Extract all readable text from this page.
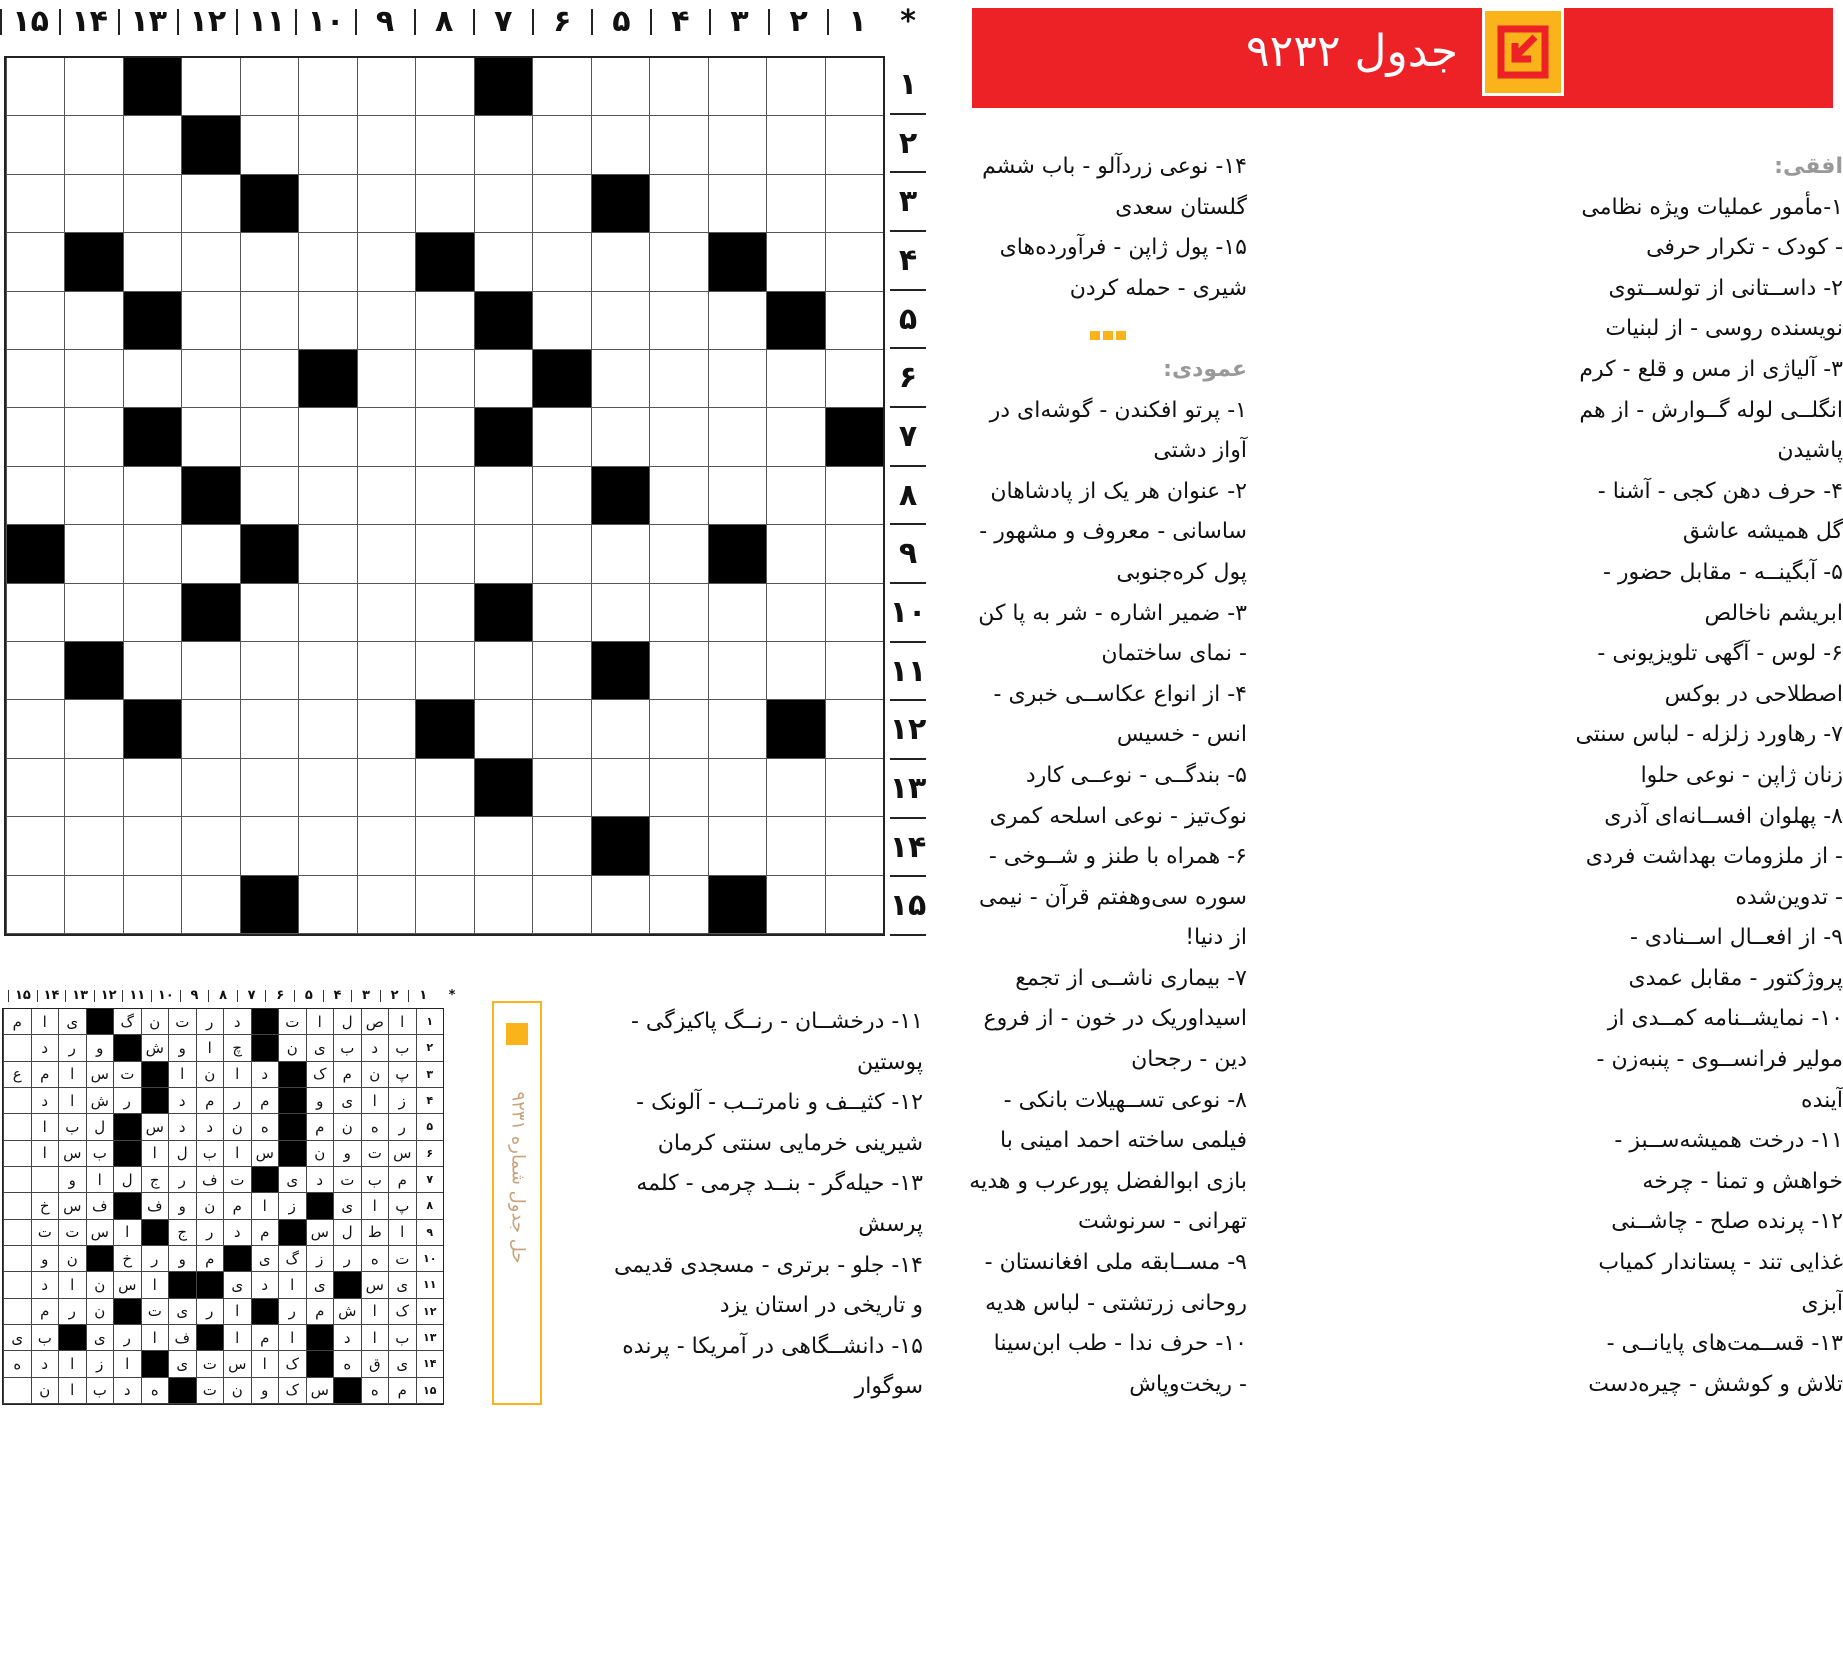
*
۱
۲
۳
۴
۵
۶
۷
۸
۹
۱۰
۱۱
۱۲
۱۳
۱۴
۱۵
۱
۲
۳
۴
۵
۶
۷
۸
۹
۱۰
۱۱
۱۲
۱۳
۱۴
۱۵
جدول ۹۲۳۲
افقی:
۱-مأمور عملیات ویژه نظامی
- کودک - تکرار حرفی
۲- داســتانی از تولســتوی
نویسنده روسی - از لبنیات
۳- آلیاژی از مس و قلع - کرم
انگلــی لوله گــوارش - از هم
پاشیدن
۴- حرف دهن کجی - آشنا -
گل همیشه عاشق
۵- آبگینــه - مقابل حضور -
ابریشم ناخالص
۶- لوس - آگهی تلویزیونی -
اصطلاحی در بوکس
۷- رهاورد زلزله - لباس سنتی
زنان ژاپن - نوعی حلوا
۸- پهلوان افســانه‌ای آذری
- از ملزومات بهداشت فردی
- تدوین‌شده
۹- از افعــال اســنادی -
پروژکتور - مقابل عمدی
۱۰- نمایشــنامه کمــدی از
مولیر فرانســوی - پنبه‌زن -
آینده
۱۱- درخت همیشه‌ســبز -
خواهش و تمنا - چرخه
۱۲- پرنده صلح - چاشــنی
غذایی تند - پستاندار کمیاب
آبزی
۱۳- قســمت‌های پایانــی -
تلاش و کوشش - چیره‌دست
۱۴- نوعی زردآلو - باب ششم
گلستان سعدی
۱۵- پول ژاپن - فرآورده‌های
شیری - حمله کردن

عمودی:
۱- پرتو افکندن - گوشه‌ای در
آواز دشتی
۲- عنوان هر یک از پادشاهان
ساسانی - معروف و مشهور -
پول کره‌جنوبی
۳- ضمیر اشاره - شر به پا کن
- نمای ساختمان
۴- از انواع عکاســی خبری -
انس - خسیس
۵- بندگــی - نوعــی کارد
نوک‌تیز - نوعی اسلحه کمری
۶- همراه با طنز و شــوخی -
سوره سی‌وهفتم قرآن - نیمی
از دنیا!
۷- بیماری ناشــی از تجمع
اسیداوریک در خون - از فروع
دین - رجحان
۸- نوعی تســهیلات بانکی -
فیلمی ساخته احمد امینی با
بازی ابوالفضل پورعرب و هدیه
تهرانی - سرنوشت
۹- مســابقه ملی افغانستان -
روحانی زرتشتی - لباس هدیه
۱۰- حرف ندا - طب ابن‌سینا
- ریخت‌وپاش
۱۱- درخشــان - رنــگ پاکیزگی -
پوستین
۱۲- کثیــف و نامرتــب - آلونک -
شیرینی خرمایی سنتی کرمان
۱۳- حیله‌گر - بنــد چرمی - کلمه
پرسش
۱۴- جلو - برتری - مسجدی قدیمی
و تاریخی در استان یزد
۱۵- دانشــگاهی در آمریکا - پرنده
سوگوار
حل جدول شماره ۹۲۳۱
*
۱
۲
۳
۴
۵
۶
۷
۸
۹
۱۰
۱۱
۱۲
۱۳
۱۴
۱۵
۱
ا
ص
ل
ا
ت
د
ر
ت
ن
گ
ی
ا
م
۲
ب
د
ب
ی
ن
چ
ا
و
ش
و
ر
د
۳
پ
ن
م
ک
د
ا
ن
ا
ت
س
ا
م
ع
۴
ز
ا
ی
و
م
ر
م
د
ر
ش
ا
د
۵
ر
ه
ن
م
ه
ن
د
د
س
ل
ب
ا
۶
س
ت
و
ن
س
ا
ب
ل
ا
ب
س
ا
۷
م
ب
ت
د
ی
ت
ف
ر
ج
ل
ا
و
۸
پ
ا
ی
ز
ا
م
ن
و
ف
ف
س
خ
۹
ا
ط
ل
س
م
د
ر
ج
ا
س
ت
ت
۱۰
ت
ه
ر
ز
گ
ی
م
و
ر
خ
ن
و
۱۱
ی
س
ی
ا
د
ی
ا
س
ن
ا
د
۱۲
ک
ا
ش
م
ر
ا
ر
ی
ت
ن
ر
م
۱۳
ب
ا
د
ا
م
ا
ف
ا
ر
ی
ب
ی
۱۴
ی
ق
ه
ک
ا
س
ت
ی
ا
ز
ا
د
ه
۱۵
م
ه
س
ک
و
ن
ت
ه
د
ب
ا
ن
